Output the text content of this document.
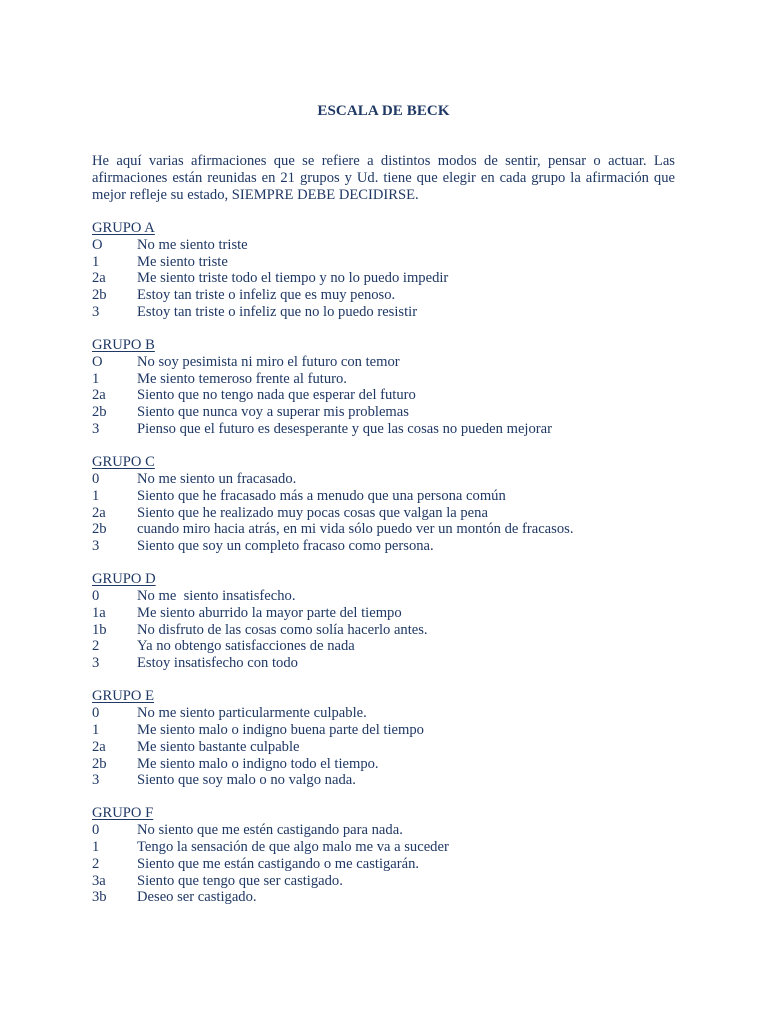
ESCALA DE BECK
He aquí varias afirmaciones que se refiere a distintos modos de sentir, pensar o actuar. Las afirmaciones están reunidas en 21 grupos y Ud. tiene que elegir en cada grupo la afirmación que mejor refleje su estado, SIEMPRE DEBE DECIDIRSE.
GRUPO A
O	No me siento triste
1	Me siento triste
2a	Me siento triste todo el tiempo y no lo puedo impedir
2b	Estoy tan triste o infeliz que es muy penoso.
3	Estoy tan triste o infeliz que no lo puedo resistir
GRUPO B
O	No soy pesimista ni miro el futuro con temor
1	Me siento temeroso frente al futuro.
2a	Siento que no tengo nada que esperar del futuro
2b	Siento que nunca voy a superar mis problemas
3	Pienso que el futuro es desesperante y que las cosas no pueden mejorar
GRUPO C
0	No me siento un fracasado.
1	Siento que he fracasado más a menudo que una persona común
2a	Siento que he realizado muy pocas cosas que valgan la pena
2b	cuando miro hacia atrás, en mi vida sólo puedo ver un montón de fracasos.
3	Siento que soy un completo fracaso como persona.
GRUPO D
0	No me  siento insatisfecho.
1a	Me siento aburrido la mayor parte del tiempo
1b	No disfruto de las cosas como solía hacerlo antes.
2	Ya no obtengo satisfacciones de nada
3	Estoy insatisfecho con todo
GRUPO E
0	No me siento particularmente culpable.
1	Me siento malo o indigno buena parte del tiempo
2a	Me siento bastante culpable
2b	Me siento malo o indigno todo el tiempo.
3	Siento que soy malo o no valgo nada.
GRUPO F
0	No siento que me estén castigando para nada.
1	Tengo la sensación de que algo malo me va a suceder
2	Siento que me están castigando o me castigarán.
3a	Siento que tengo que ser castigado.
3b	Deseo ser castigado.
